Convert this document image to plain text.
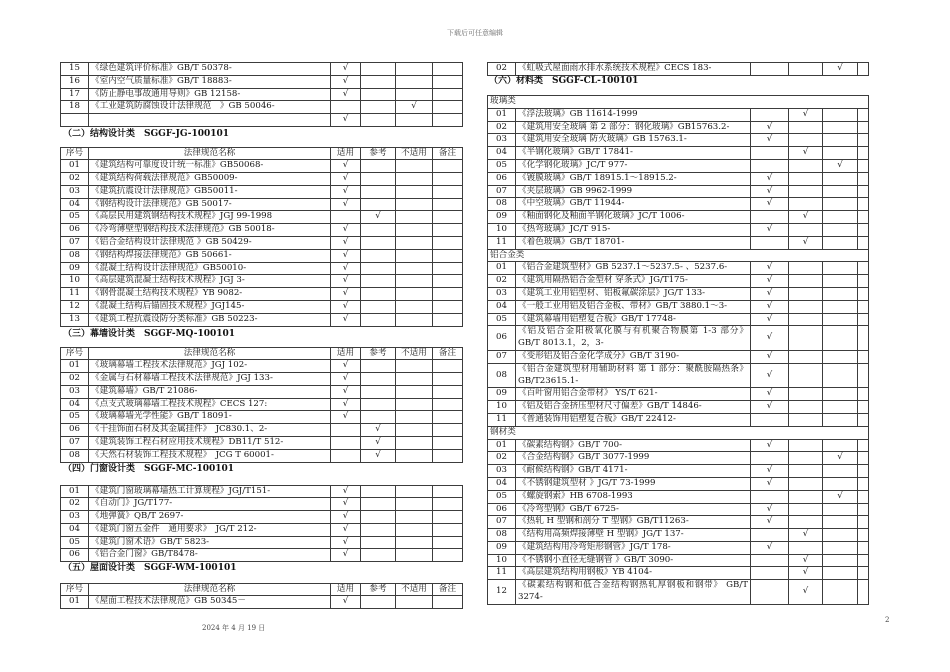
下载后可任意编辑
15	《绿色建筑评价标准》GB/T 50378-	√			
16	《室内空气质量标准》GB/T 18883-	√			
17	《防止静电事故通用导则》GB 12158-	√			
18	《工业建筑防腐蚀设计法律规范　》GB 50046-			√	
		√			
（二）结构设计类　SGGF-JG-100101
序号	法律规范名称	适用	参考	不适用	备注
01	《建筑结构可靠度设计统一标准》GB50068-	√			
02	《建筑结构荷载法律规范》GB50009-	√			
03	《建筑抗震设计法律规范》GB50011-	√			
04	《钢结构设计法律规范》GB 50017-	√			
05	《高层民用建筑钢结构技术规程》JGJ 99-1998		√		
06	《冷弯薄壁型钢结构技术法律规范》GB 50018-	√			
07	《铝合金结构设计法律规范 》GB 50429-	√			
08	《钢结构焊接法律规范》GB 50661-	√			
09	《混凝土结构设计法律规范》GB50010-	√			
10	《高层建筑混凝土结构技术规程》JGJ 3-	√			
11	《钢骨混凝土结构技术规程》YB 9082-	√			
12	《混凝土结构后锚固技术规程》JGJ145-	√			
13	《建筑工程抗震设防分类标准》GB 50223-	√			
（三）幕墙设计类　SGGF-MQ-100101
序号	法律规范名称	适用	参考	不适用	备注
01	《玻璃幕墙工程技术法律规范》JGJ 102-	√			
02	《金属与石材幕墙工程技术法律规范》JGJ 133-	√			
03	《建筑幕墙》GB/T 21086-	√			
04	《点支式玻璃幕墙工程技术规程》CECS 127:	√			
05	《玻璃幕墙光学性能》GB/T 18091-	√			
06	《干挂饰面石材及其金属挂件》　JC830.1、2-		√		
07	《建筑装饰工程石材应用技术规程》DB11/T 512-		√		
08	《天然石材装饰工程技术规程》　JCG T 60001-		√		
（四）门窗设计类　SGGF-MC-100101
01	《建筑门窗玻璃幕墙热工计算规程》JGJ/T151-	√			
02	《自动门》JG/T177-	√			
03	《地弹簧》QB/T 2697-	√			
04	《建筑门窗五金件　通用要求》　JG/T 212-	√			
05	《建筑门窗术语》GB/T 5823-	√			
06	《铝合金门窗》GB/T8478-	√			
（五）屋面设计类　SGGF-WM-100101
序号	法律规范名称	适用	参考	不适用	备注
01	《屋面工程技术法律规范》GB 50345－	√			
02	《虹吸式屋面雨水排水系统技术规程》CECS 183-			√	
（六）材料类　SGGF-CL-100101
玻璃类					
01	《浮法玻璃》GB 11614-1999		√		
02	《建筑用安全玻璃 第 2 部分：钢化玻璃》GB15763.2-	√			
03	《建筑用安全玻璃 防火玻璃》GB 15763.1-	√			
04	《半钢化玻璃》GB/T 17841-		√		
05	《化学钢化玻璃》JC/T 977-			√	
06	《镀膜玻璃》GB/T 18915.1～18915.2-	√			
07	《夹层玻璃》GB 9962-1999	√			
08	《中空玻璃》GB/T 11944-	√			
09	《釉面钢化及釉面半钢化玻璃》JC/T 1006-		√		
10	《热弯玻璃》JC/T 915-	√			
11	《着色玻璃》GB/T 18701-		√		
铝合金类					
01	《铝合金建筑型材》GB 5237.1～5237.5- 、5237.6-	√			
02	《建筑用隔热铝合金型材 穿条式》JG/T175-	√			
03	《建筑工业用铝型材、铝板氟碳涂层》JG/T 133-	√			
04	《一般工业用铝及铝合金板、带材》GB/T 3880.1～3-	√			
05	《建筑幕墙用铝塑复合板》GB/T 17748-	√			
06	《铝及铝合金阳极氧化膜与有机聚合物膜第 1-3 部分》GB/T 8013.1，2，3-	√			
07	《变形铝及铝合金化学成分》GB/T 3190-	√			
08	《铝合金建筑型材用辅助材料 第 1 部分：聚酰胺隔热条》GB/T23615.1-	√			
09	《百叶窗用铝合金带材》 YS/T 621-	√			
10	《铝及铝合金挤压型材尺寸偏差》GB/T 14846-	√			
11	《普通装饰用铝塑复合板》GB/T 22412-				
钢材类					
01	《碳素结构钢》GB/T 700-	√			
02	《合金结构钢》GB/T 3077-1999			√	
03	《耐候结构钢》GB/T 4171-	√			
04	《不锈钢建筑型材 》JG/T 73-1999	√			
05	《螺旋钢索》HB 6708-1993			√	
06	《冷弯型钢》GB/T 6725-	√			
07	《热轧 H 型钢和剖分 T 型钢》GB/T11263-	√			
08	《结构用高频焊接薄壁 H 型钢》JG/T 137-		√		
09	《建筑结构用冷弯矩形钢管》JG/T 178-	√			
10	《不锈钢小直径无缝钢管 》GB/T 3090-		√		
11	《高层建筑结构用钢板》YB 4104-		√		
12	《碳素结构钢和低合金结构钢热轧厚钢板和钢带》 GB/T 3274-		√		
2024 年 4 月 19 日
2
